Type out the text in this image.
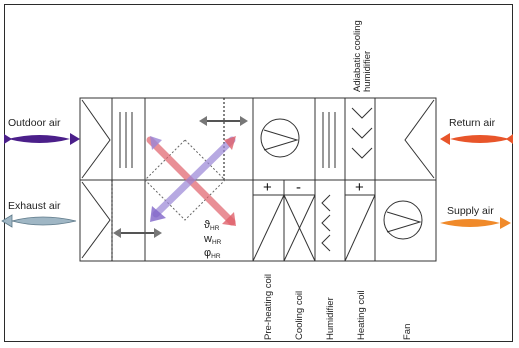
+ -	+
ϑHR
wHR
φHR
Outdoor air
Exhaust air
Return air
Supply air
Adiabatic cooling humidifier
Pre-heating coil Cooling coil Humidifier Heating coil	Fan
